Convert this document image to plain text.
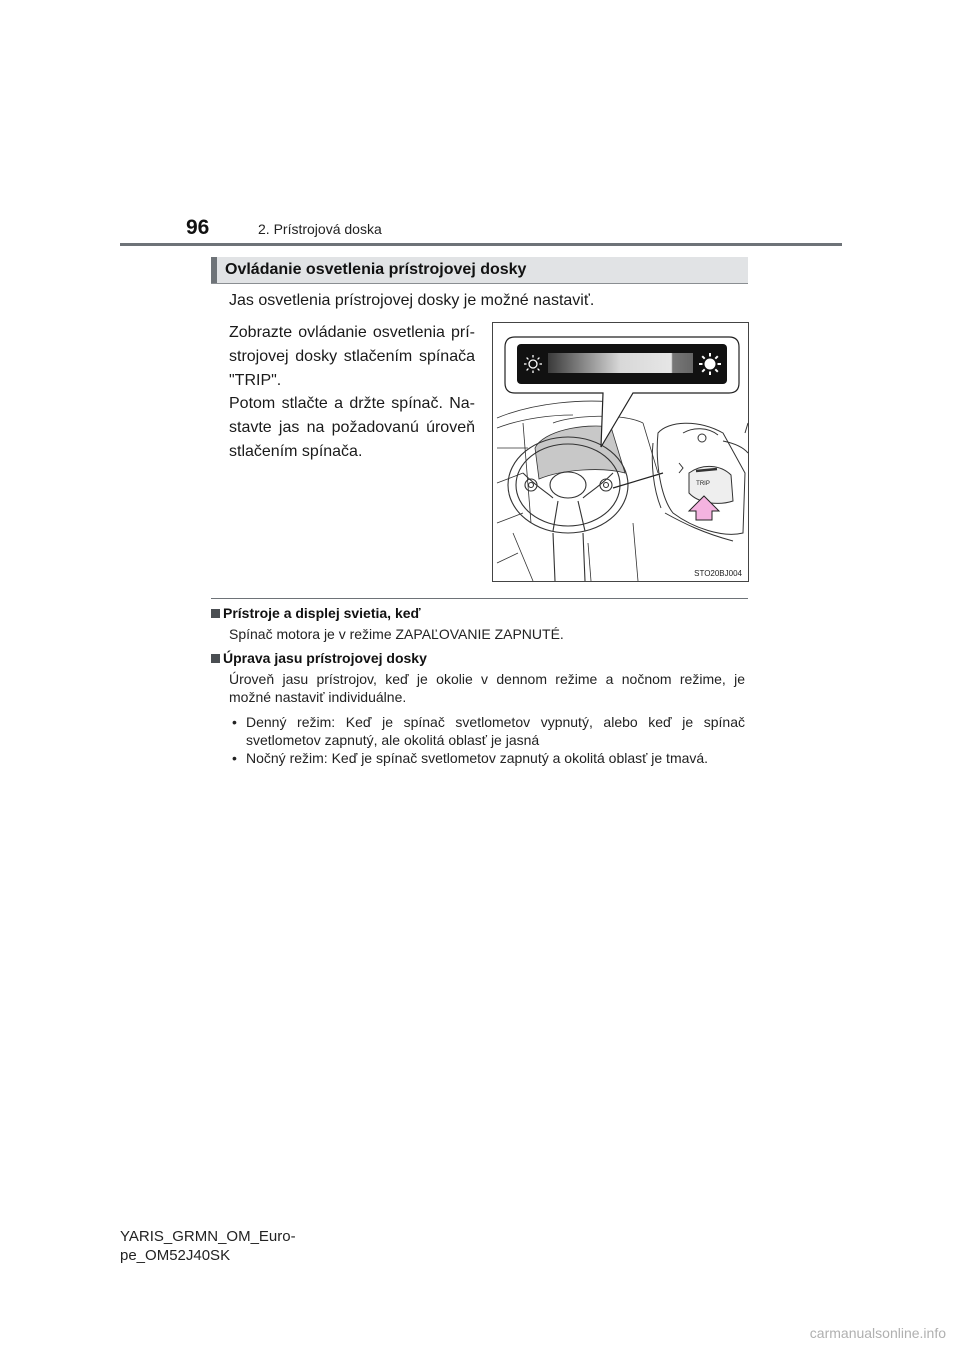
96	2. Prístrojová doska
Ovládanie osvetlenia prístrojovej dosky
Jas osvetlenia prístrojovej dosky je možné nastaviť.
Zobrazte ovládanie osvetlenia prí-
strojovej dosky stlačením spínača
"TRIP".
Potom stlačte a držte spínač. Na-
stavte jas na požadovanú úroveň
stlačením spínača.
TRIP
STO20BJ004
Prístroje a displej svietia, keď
Spínač motora je v režime ZAPAĽOVANIE ZAPNUTÉ.
Úprava jasu prístrojovej dosky
Úroveň jasu prístrojov, keď je okolie v dennom režime a nočnom režime, je
možné nastaviť individuálne.
• Denný režim: Keď je spínač svetlometov vypnutý, alebo keď je spínač
svetlometov zapnutý, ale okolitá oblasť je jasná
• Nočný režim: Keď je spínač svetlometov zapnutý a okolitá oblasť je tmavá.
YARIS_GRMN_OM_Euro-
pe_OM52J40SK
carmanualsonline.info
